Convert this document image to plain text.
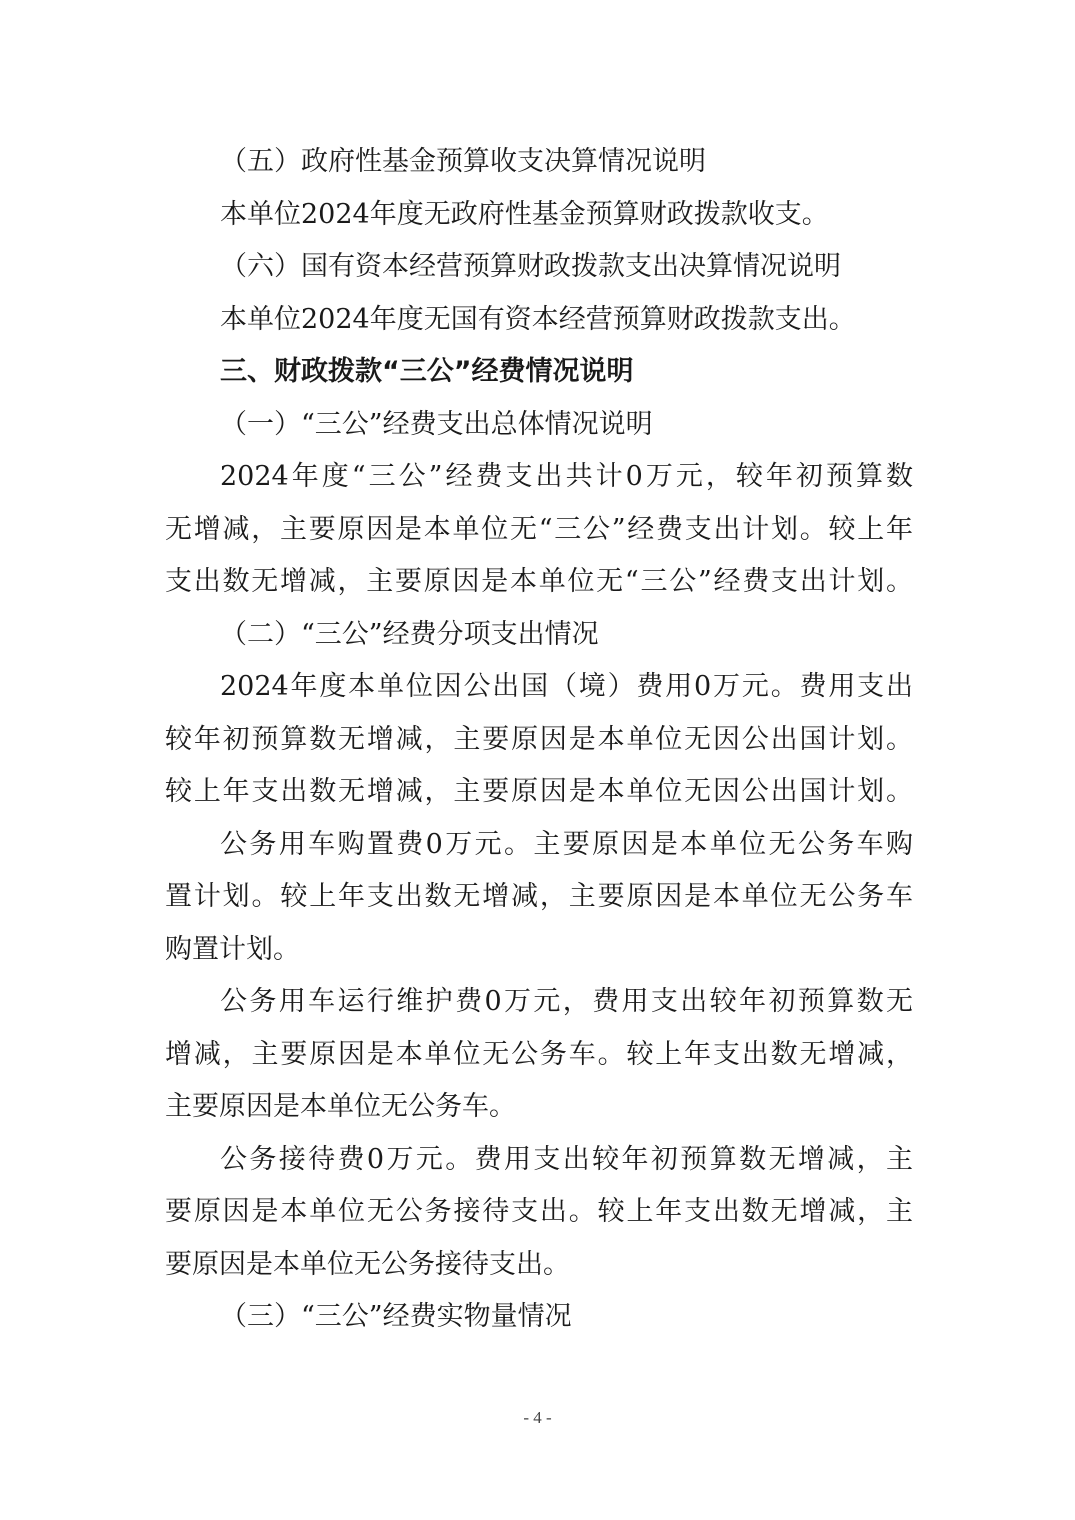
（五）政府性基金预算收支决算情况说明
本单位2024年度无政府性基金预算财政拨款收支。
（六）国有资本经营预算财政拨款支出决算情况说明
本单位2024年度无国有资本经营预算财政拨款支出。
三、财政拨款“三公”经费情况说明
（一）“三公”经费支出总体情况说明
2024年度“三公”经费支出共计0万元，较年初预算数
无增减，主要原因是本单位无“三公”经费支出计划。较上年
支出数无增减，主要原因是本单位无“三公”经费支出计划。
（二）“三公”经费分项支出情况
2024年度本单位因公出国（境）费用0万元。费用支出
较年初预算数无增减，主要原因是本单位无因公出国计划。
较上年支出数无增减，主要原因是本单位无因公出国计划。
公务用车购置费0万元。主要原因是本单位无公务车购
置计划。较上年支出数无增减，主要原因是本单位无公务车
购置计划。
公务用车运行维护费0万元，费用支出较年初预算数无
增减，主要原因是本单位无公务车。较上年支出数无增减，
主要原因是本单位无公务车。
公务接待费0万元。费用支出较年初预算数无增减，主
要原因是本单位无公务接待支出。较上年支出数无增减，主
要原因是本单位无公务接待支出。
（三）“三公”经费实物量情况
- 4 -
